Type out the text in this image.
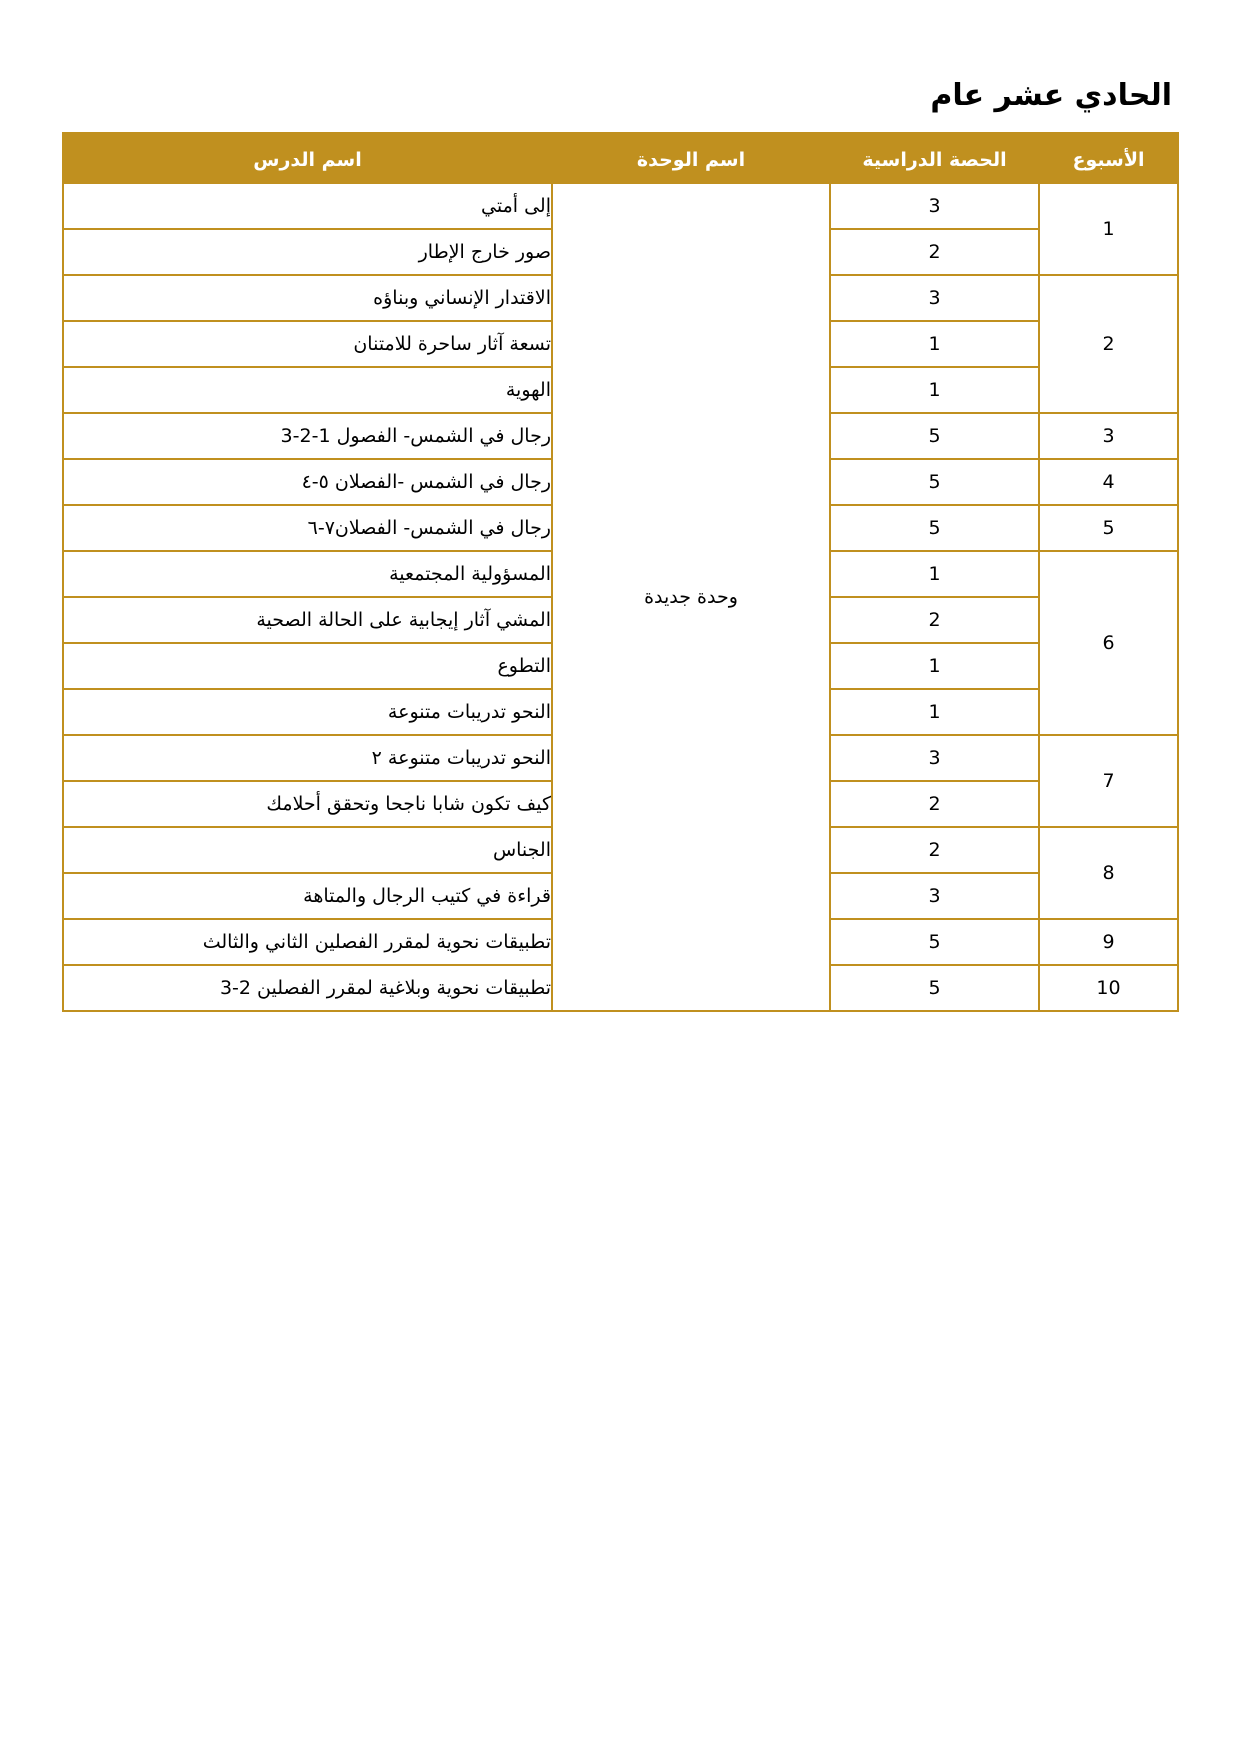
الحادي عشر عام
الأسبوع	الحصة الدراسية	اسم الوحدة	اسم الدرس
1	3	وحدة جديدة	إلى أمتي
	2		صور خارج الإطار
2	3		الاقتدار الإنساني وبناؤه
	1		تسعة آثار ساحرة للامتنان
	1		الهوية
3	5		رجال في الشمس- الفصول 1-2-3
4	5		رجال في الشمس -الفصلان ٥-٤
5	5		رجال في الشمس- الفصلان٧-٦
6	1		المسؤولية المجتمعية
	2		المشي آثار إيجابية على الحالة الصحية
	1		التطوع
	1		النحو تدريبات متنوعة
7	3		النحو تدريبات متنوعة ٢
	2		كيف تكون شابا ناجحا وتحقق أحلامك
8	2		الجناس
	3		قراءة في كتيب الرجال والمتاهة
9	5		تطبيقات نحوية لمقرر الفصلين الثاني والثالث
10	5		تطبيقات نحوية وبلاغية لمقرر الفصلين 2-3
